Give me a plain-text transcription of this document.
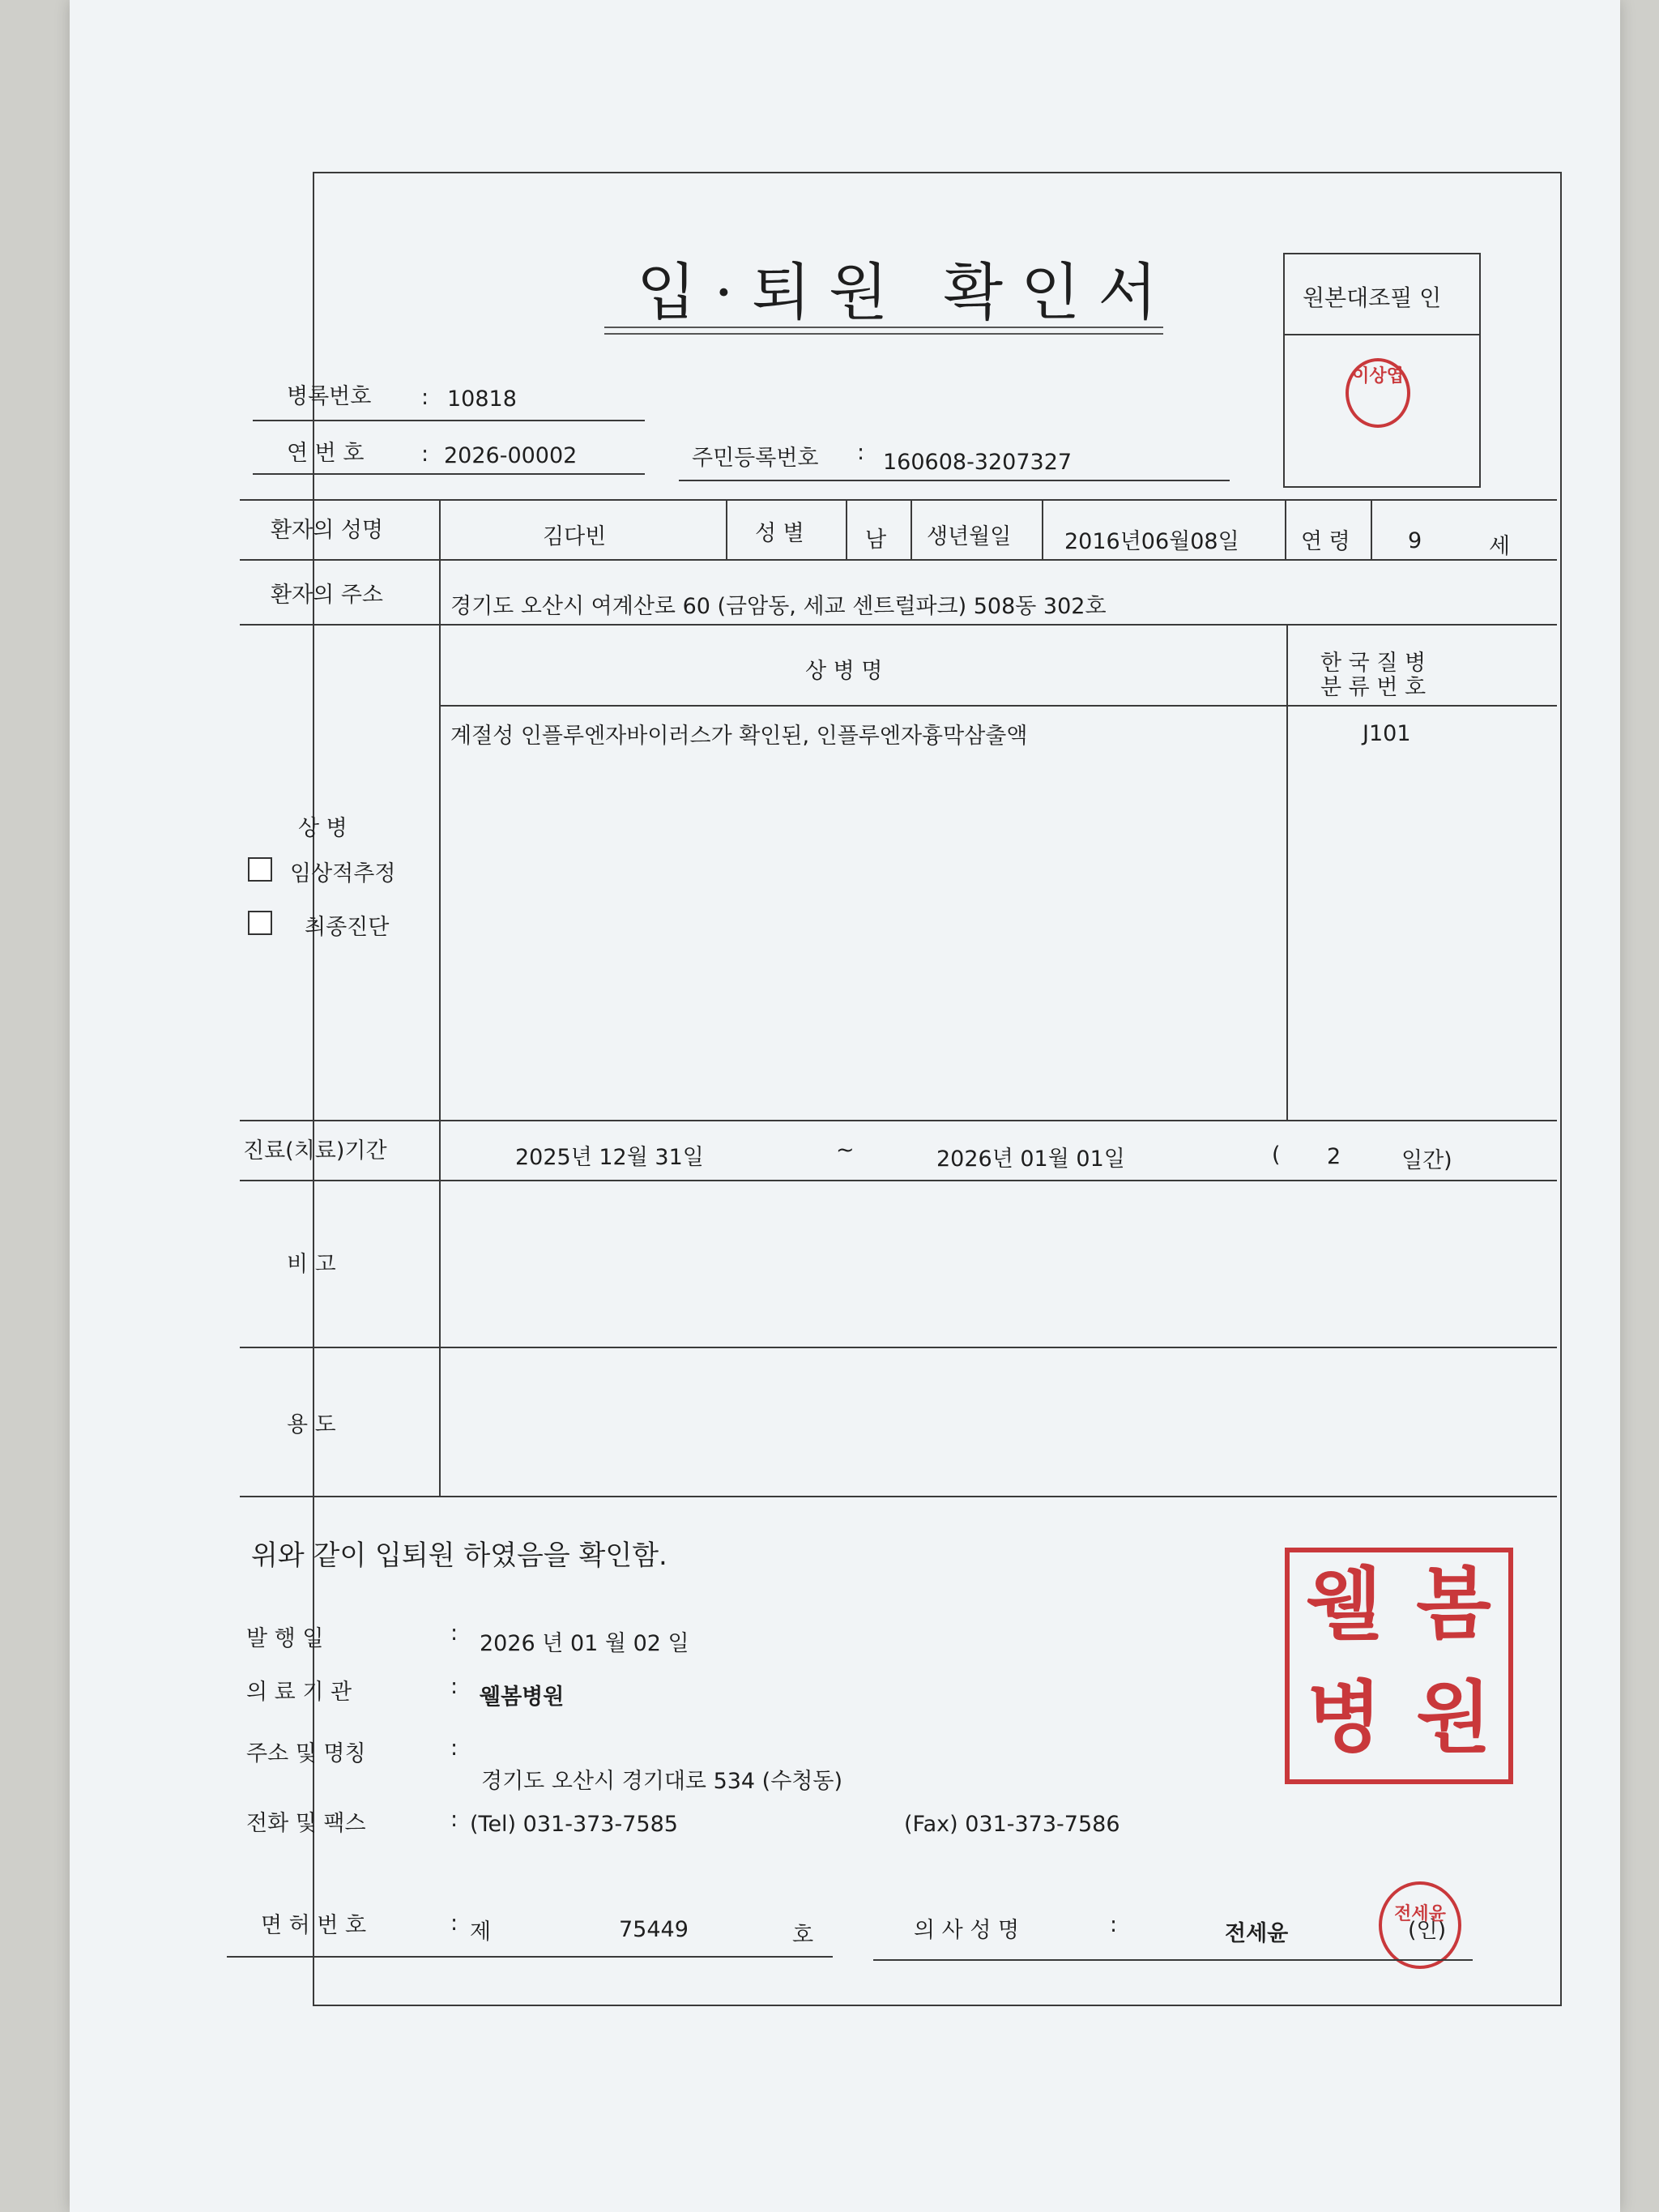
입·퇴원 확인서	원본대조필 인
이상엽
병록번호 : 10818
연 번 호	: 2026-00002	주민등록번호 : 160608-3207327
환자의 성명	김다빈	성 별	남 생년월일 2016년06월08일	연 령	9	세
환자의 주소	경기도 오산시 여계산로 60 (금암동, 세교 센트럴파크) 508동 302호
상 병
임상적추정
최종진단
상 병 명	한 국 질 병
분 류 번 호
계절성 인플루엔자바이러스가 확인된, 인플루엔자흉막삼출액	J101
진료(치료)기간	2025년 12월 31일	~	2026년 01월 01일	( 2	일간)
비 고
용 도
위와 같이 입퇴원 하였음을 확인함.
발 행 일	: 2026 년 01 월 02 일
의 료 기 관	: 웰봄병원
주소 및 명칭	:
경기도 오산시 경기대로 534 (수청동)
전화 및 팩스	: (Tel) 031-373-7585	(Fax) 031-373-7586
웰 봄
병 원
면 허 번 호	: 제	75449	호	의 사 성 명	:	전세윤	(인)
전세윤
